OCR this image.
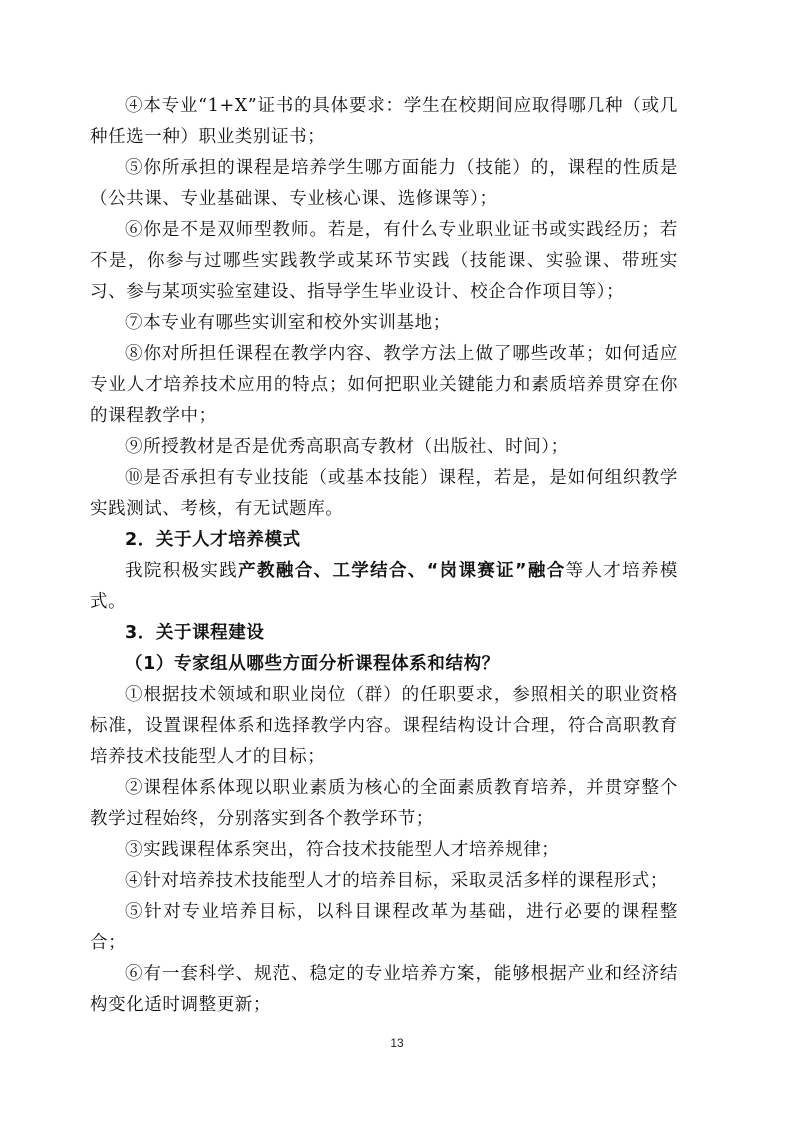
④本专业“1+X”证书的具体要求：学生在校期间应取得哪几种（或几种任选一种）职业类别证书；

⑤你所承担的课程是培养学生哪方面能力（技能）的，课程的性质是（公共课、专业基础课、专业核心课、选修课等）；

⑥你是不是双师型教师。若是，有什么专业职业证书或实践经历；若不是，你参与过哪些实践教学或某环节实践（技能课、实验课、带班实习、参与某项实验室建设、指导学生毕业设计、校企合作项目等）；

⑦本专业有哪些实训室和校外实训基地；

⑧你对所担任课程在教学内容、教学方法上做了哪些改革；如何适应专业人才培养技术应用的特点；如何把职业关键能力和素质培养贯穿在你的课程教学中；

⑨所授教材是否是优秀高职高专教材（出版社、时间）；

⑩是否承担有专业技能（或基本技能）课程，若是，是如何组织教学实践测试、考核，有无试题库。

2．关于人才培养模式

我院积极实践产教融合、工学结合、“岗课赛证”融合等人才培养模式。

3．关于课程建设

（1）专家组从哪些方面分析课程体系和结构？

①根据技术领域和职业岗位（群）的任职要求，参照相关的职业资格标准，设置课程体系和选择教学内容。课程结构设计合理，符合高职教育培养技术技能型人才的目标；

②课程体系体现以职业素质为核心的全面素质教育培养，并贯穿整个教学过程始终，分别落实到各个教学环节；

③实践课程体系突出，符合技术技能型人才培养规律；

④针对培养技术技能型人才的培养目标，采取灵活多样的课程形式；

⑤针对专业培养目标，以科目课程改革为基础，进行必要的课程整合；

⑥有一套科学、规范、稳定的专业培养方案，能够根据产业和经济结构变化适时调整更新；

13
